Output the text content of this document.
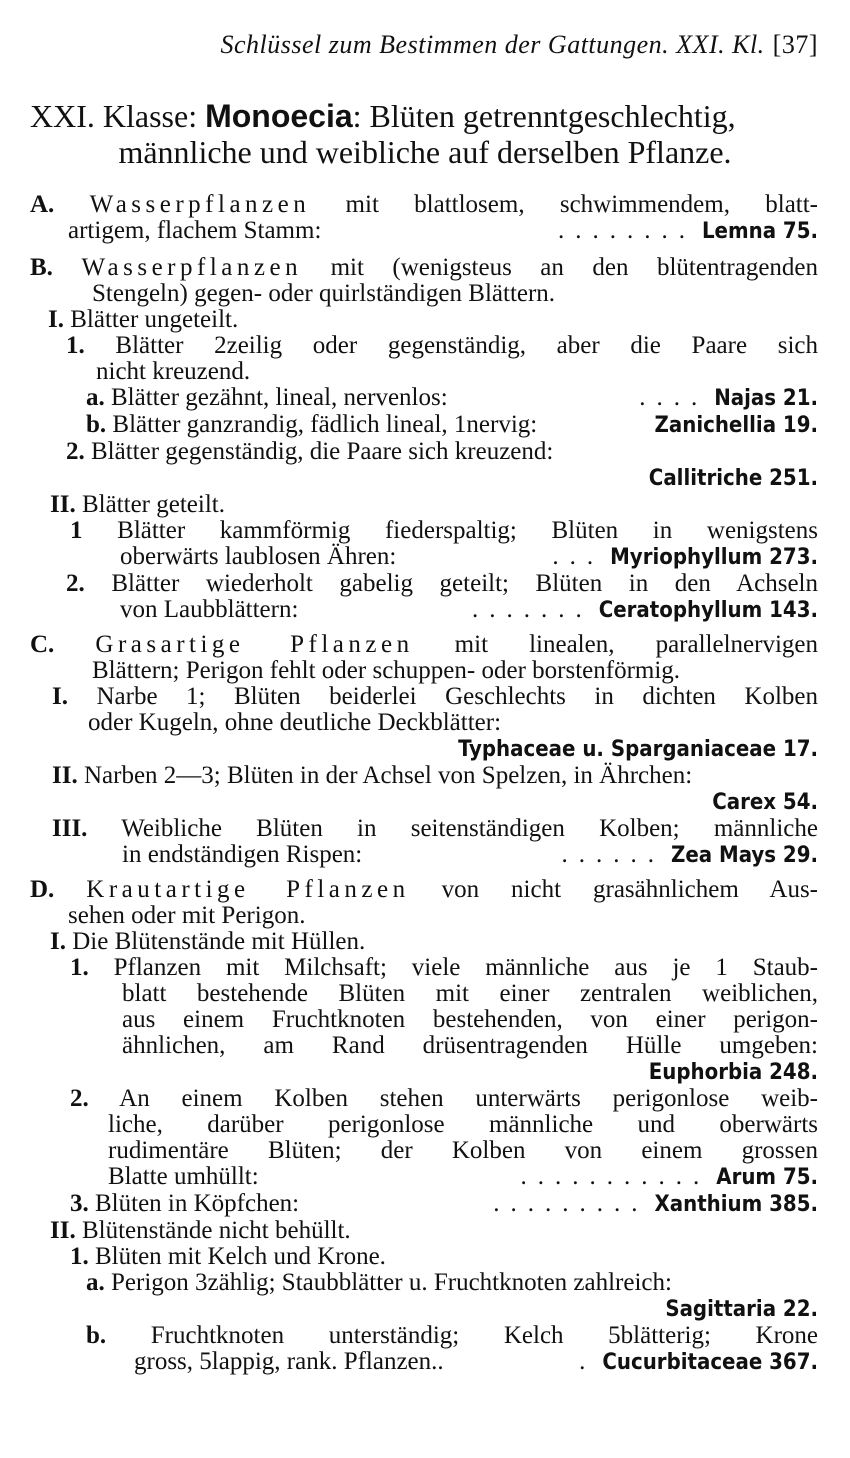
Schlüssel zum Bestimmen der Gattungen. XXI. Kl. [37]
XXI. Klasse: Monoecia: Blüten getrenntgeschlechtig,
männliche und weibliche auf derselben Pflanze.
A. Wasserpflanzen mit blattlosem, schwimmendem, blatt-
artigem, flachem Stamm:	........ Lemna 75.
B. Wasserpflanzen mit (wenigsteus an den blütentragenden
Stengeln) gegen- oder quirlständigen Blättern.
I. Blätter ungeteilt.
1. Blätter 2zeilig oder gegenständig, aber die Paare sich
nicht kreuzend.
a. Blätter gezähnt, lineal, nervenlos:	.... Najas 21.
b. Blätter ganzrandig, fädlich lineal, 1nervig:	Zanichellia 19.
2. Blätter gegenständig, die Paare sich kreuzend:
Callitriche 251.
II. Blätter geteilt.
1 Blätter kammförmig fiederspaltig; Blüten in wenigstens
oberwärts laublosen Ähren:	... Myriophyllum 273.
2. Blätter wiederholt gabelig geteilt; Blüten in den Achseln
von Laubblättern:	....... Ceratophyllum 143.
C. Grasartige Pflanzen mit linealen, parallelnervigen
Blättern; Perigon fehlt oder schuppen- oder borstenförmig.
I. Narbe 1; Blüten beiderlei Geschlechts in dichten Kolben
oder Kugeln, ohne deutliche Deckblätter:
Typhaceae u. Sparganiaceae 17.
II. Narben 2—3; Blüten in der Achsel von Spelzen, in Ährchen:
Carex 54.
III. Weibliche Blüten in seitenständigen Kolben; männliche
in endständigen Rispen:	...... Zea Mays 29.
D. Krautartige Pflanzen von nicht grasähnlichem Aus-
sehen oder mit Perigon.
I. Die Blütenstände mit Hüllen.
1. Pflanzen mit Milchsaft; viele männliche aus je 1 Staub-
blatt bestehende Blüten mit einer zentralen weiblichen,
aus einem Fruchtknoten bestehenden, von einer perigon-
ähnlichen, am Rand drüsentragenden Hülle umgeben:
Euphorbia 248.
2. An einem Kolben stehen unterwärts perigonlose weib-
liche, darüber perigonlose männliche und oberwärts
rudimentäre Blüten; der Kolben von einem grossen
Blatte umhüllt:	........... Arum 75.
3. Blüten in Köpfchen:	......... Xanthium 385.
II. Blütenstände nicht behüllt.
1. Blüten mit Kelch und Krone.
a. Perigon 3zählig; Staubblätter u. Fruchtknoten zahlreich:
Sagittaria 22.
b. Fruchtknoten unterständig; Kelch 5blätterig; Krone
gross, 5lappig, rank. Pflanzen..	. Cucurbitaceae 367.
